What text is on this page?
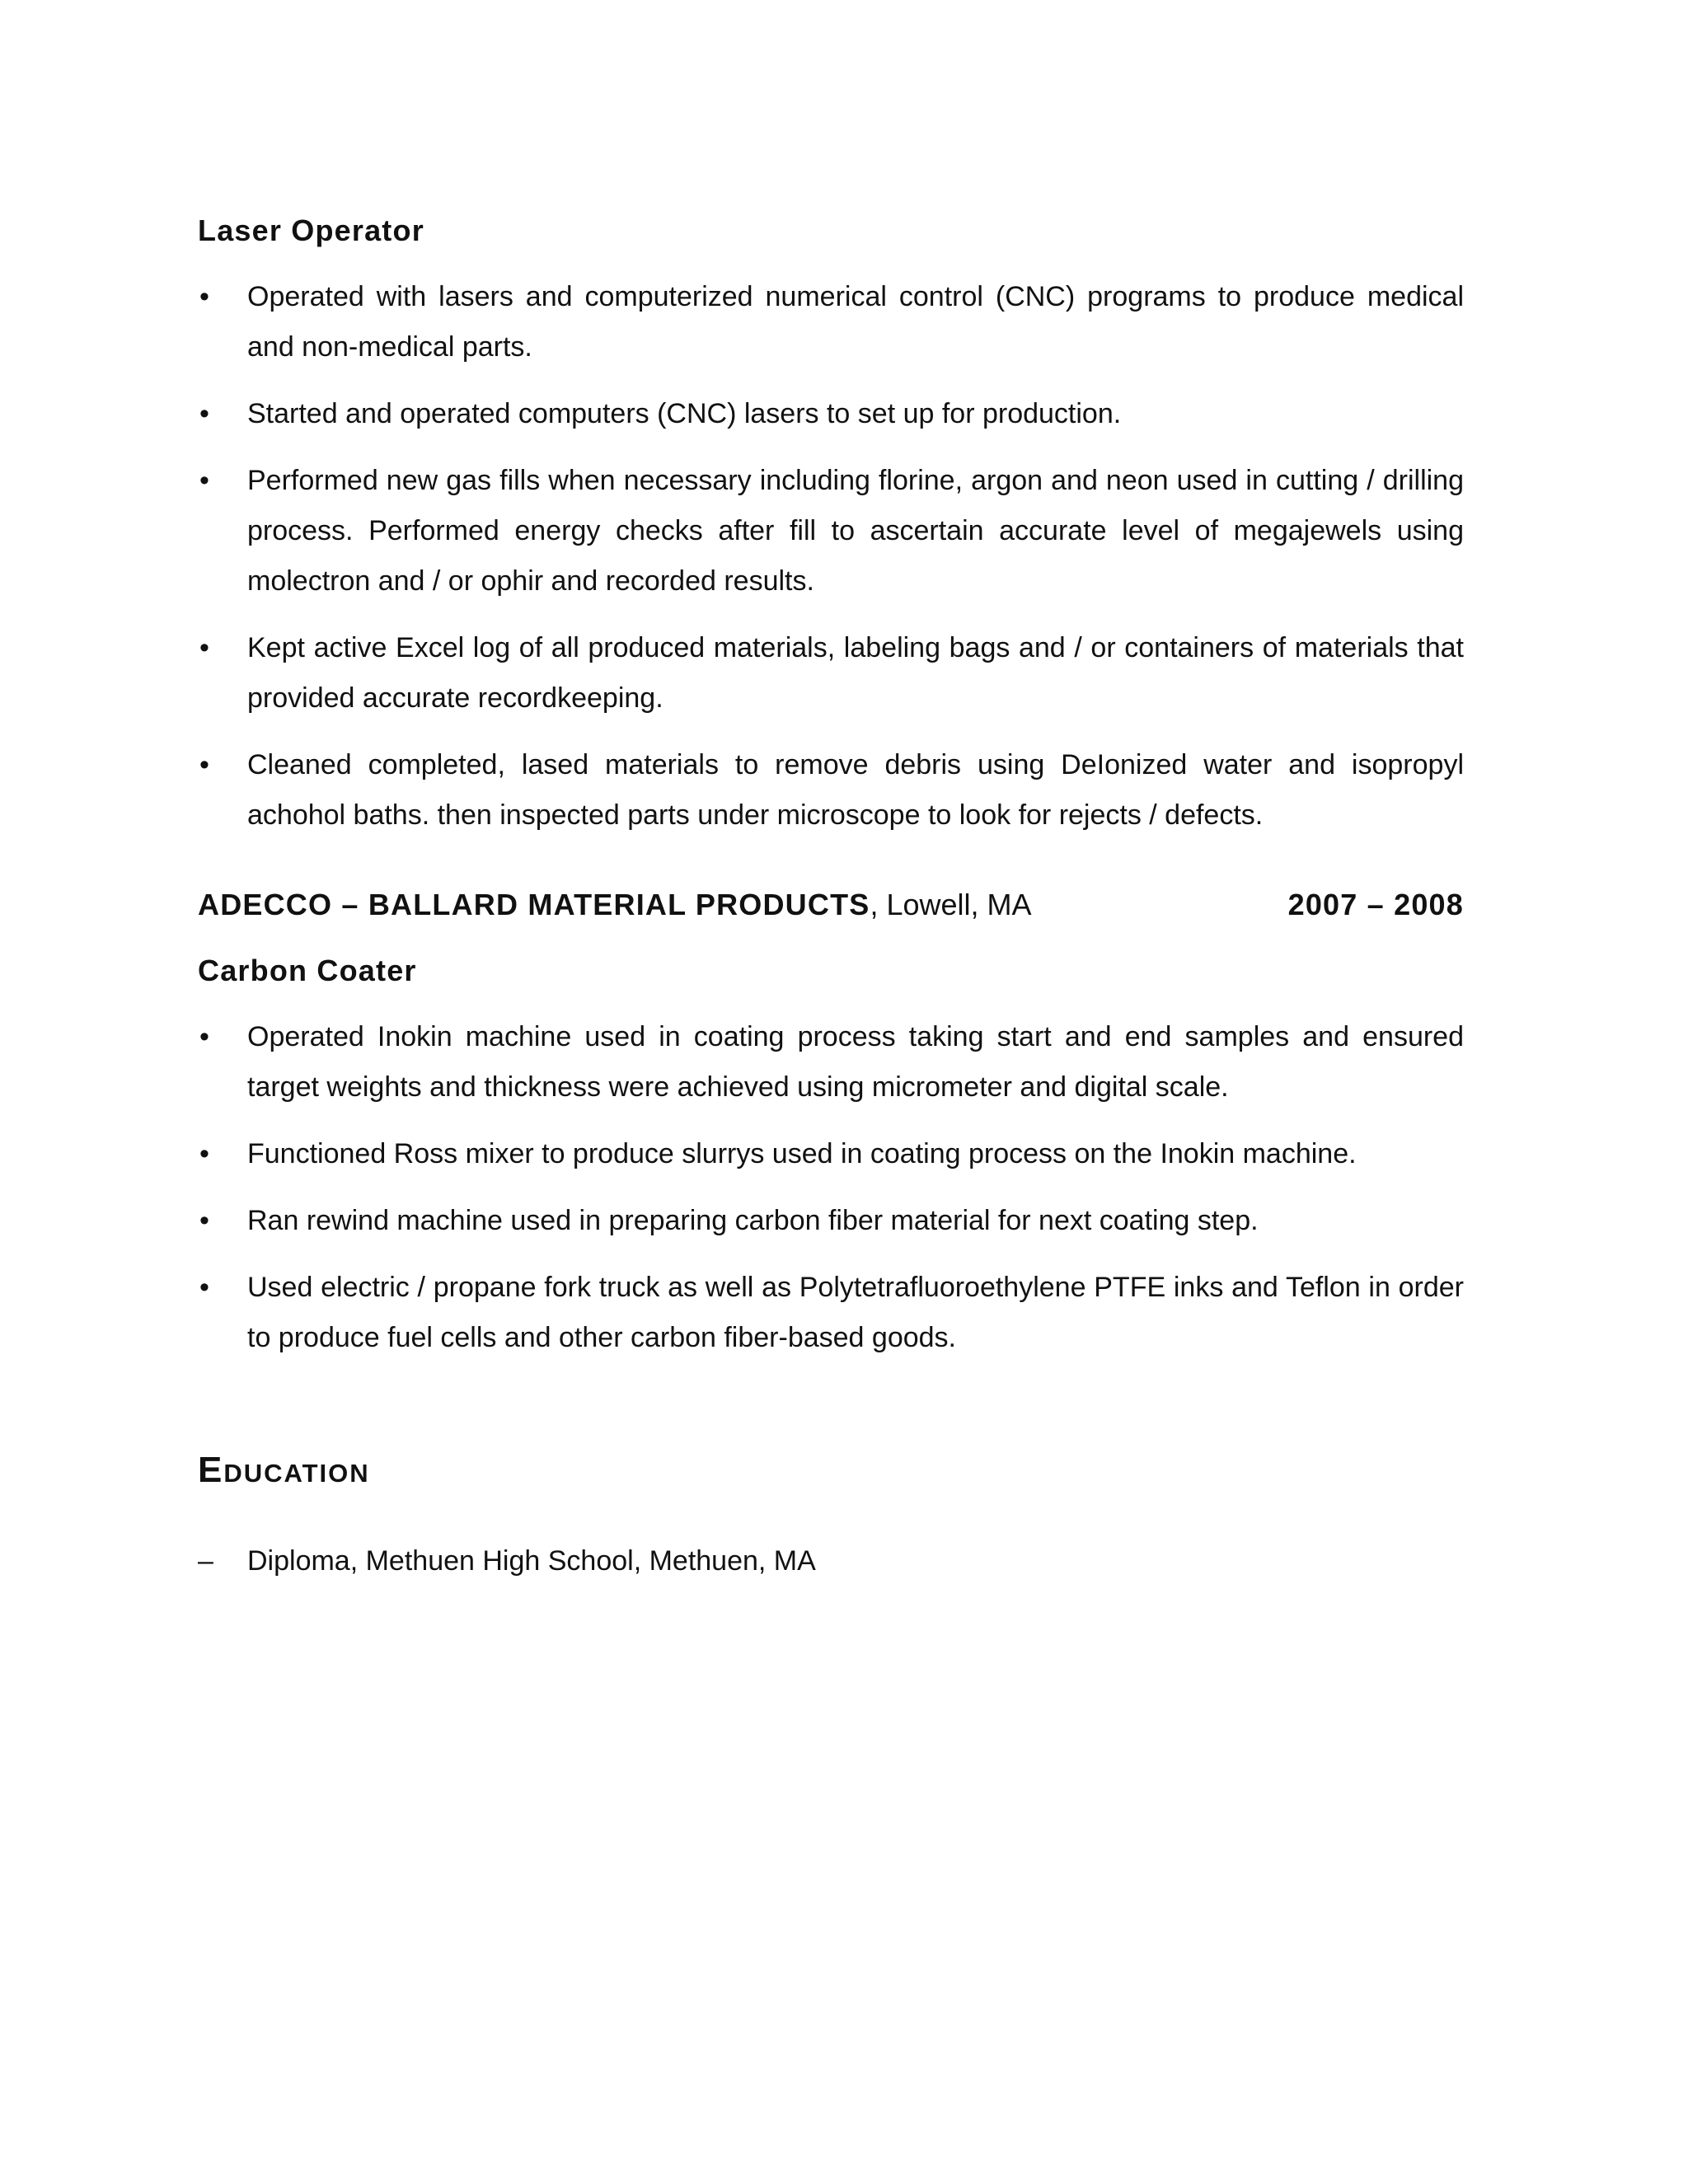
Laser Operator
• Operated with lasers and computerized numerical control (CNC) programs to produce medical and non-medical parts.
• Started and operated computers (CNC) lasers to set up for production.
• Performed new gas fills when necessary including florine, argon and neon used in cutting / drilling process. Performed energy checks after fill to ascertain accurate level of megajewels using molectron and / or ophir and recorded results.
• Kept active Excel log of all produced materials, labeling bags and / or containers of materials that provided accurate recordkeeping.
• Cleaned completed, lased materials to remove debris using DeIonized water and isopropyl achohol baths. then inspected parts under microscope to look for rejects / defects.
ADECCO – BALLARD MATERIAL PRODUCTS, Lowell, MA	2007 – 2008
Carbon Coater
• Operated Inokin machine used in coating process taking start and end samples and ensured target weights and thickness were achieved using micrometer and digital scale.
• Functioned Ross mixer to produce slurrys used in coating process on the Inokin machine.
• Ran rewind machine used in preparing carbon fiber material for next coating step.
• Used electric / propane fork truck as well as Polytetrafluoroethylene PTFE inks and Teflon in order to produce fuel cells and other carbon fiber-based goods.
Education
– Diploma, Methuen High School, Methuen, MA
